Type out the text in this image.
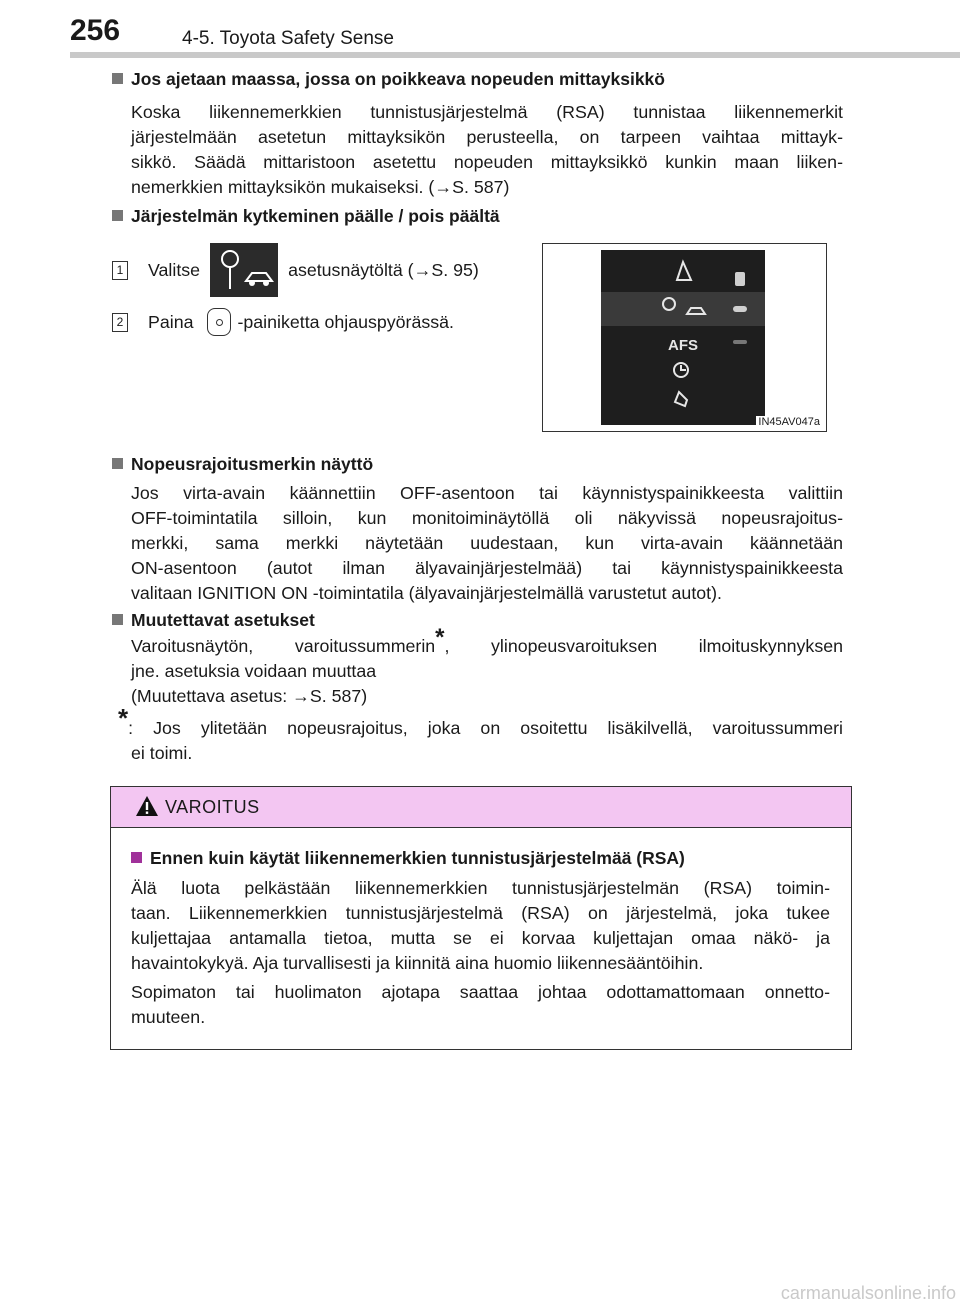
256	4-5. Toyota Safety Sense
Jos ajetaan maassa, jossa on poikkeava nopeuden mittayksikkö
Koska liikennemerkkien tunnistusjärjestelmä (RSA) tunnistaa liikennemerkit
järjestelmään asetetun mittayksikön perusteella, on tarpeen vaihtaa mittayk-
sikkö. Säädä mittaristoon asetettu nopeuden mittayksikkö kunkin maan liiken-
nemerkkien mittayksikön mukaiseksi. (→S. 587)
Järjestelmän kytkeminen päälle / pois päältä
1 Valitse	asetusnäytöltä (→S. 95)
2 Paina -painiketta ohjauspyörässä.
AFS
IN45AV047a
Nopeusrajoitusmerkin näyttö
Jos virta-avain käännettiin OFF-asentoon tai käynnistyspainikkeesta valittiin
OFF-toimintatila silloin, kun monitoiminäytöllä oli näkyvissä nopeusrajoitus-
merkki, sama merkki näytetään uudestaan, kun virta-avain käännetään
ON-asentoon (autot ilman älyavainjärjestelmää) tai käynnistyspainikkeesta
valitaan IGNITION ON -toimintatila (älyavainjärjestelmällä varustetut autot).
Muutettavat asetukset
Varoitusnäytön, varoitussummerin*, ylinopeusvaroituksen ilmoituskynnyksen
jne. asetuksia voidaan muuttaa
(Muutettava asetus: →S. 587)
*: Jos ylitetään nopeusrajoitus, joka on osoitettu lisäkilvellä, varoitussummeri
ei toimi.
VAROITUS
Ennen kuin käytät liikennemerkkien tunnistusjärjestelmää (RSA)
Älä luota pelkästään liikennemerkkien tunnistusjärjestelmän (RSA) toimin-
taan. Liikennemerkkien tunnistusjärjestelmä (RSA) on järjestelmä, joka tukee
kuljettajaa antamalla tietoa, mutta se ei korvaa kuljettajan omaa näkö- ja
havaintokykyä. Aja turvallisesti ja kiinnitä aina huomio liikennesääntöihin.
Sopimaton tai huolimaton ajotapa saattaa johtaa odottamattomaan onnetto-
muuteen.
carmanualsonline.info
